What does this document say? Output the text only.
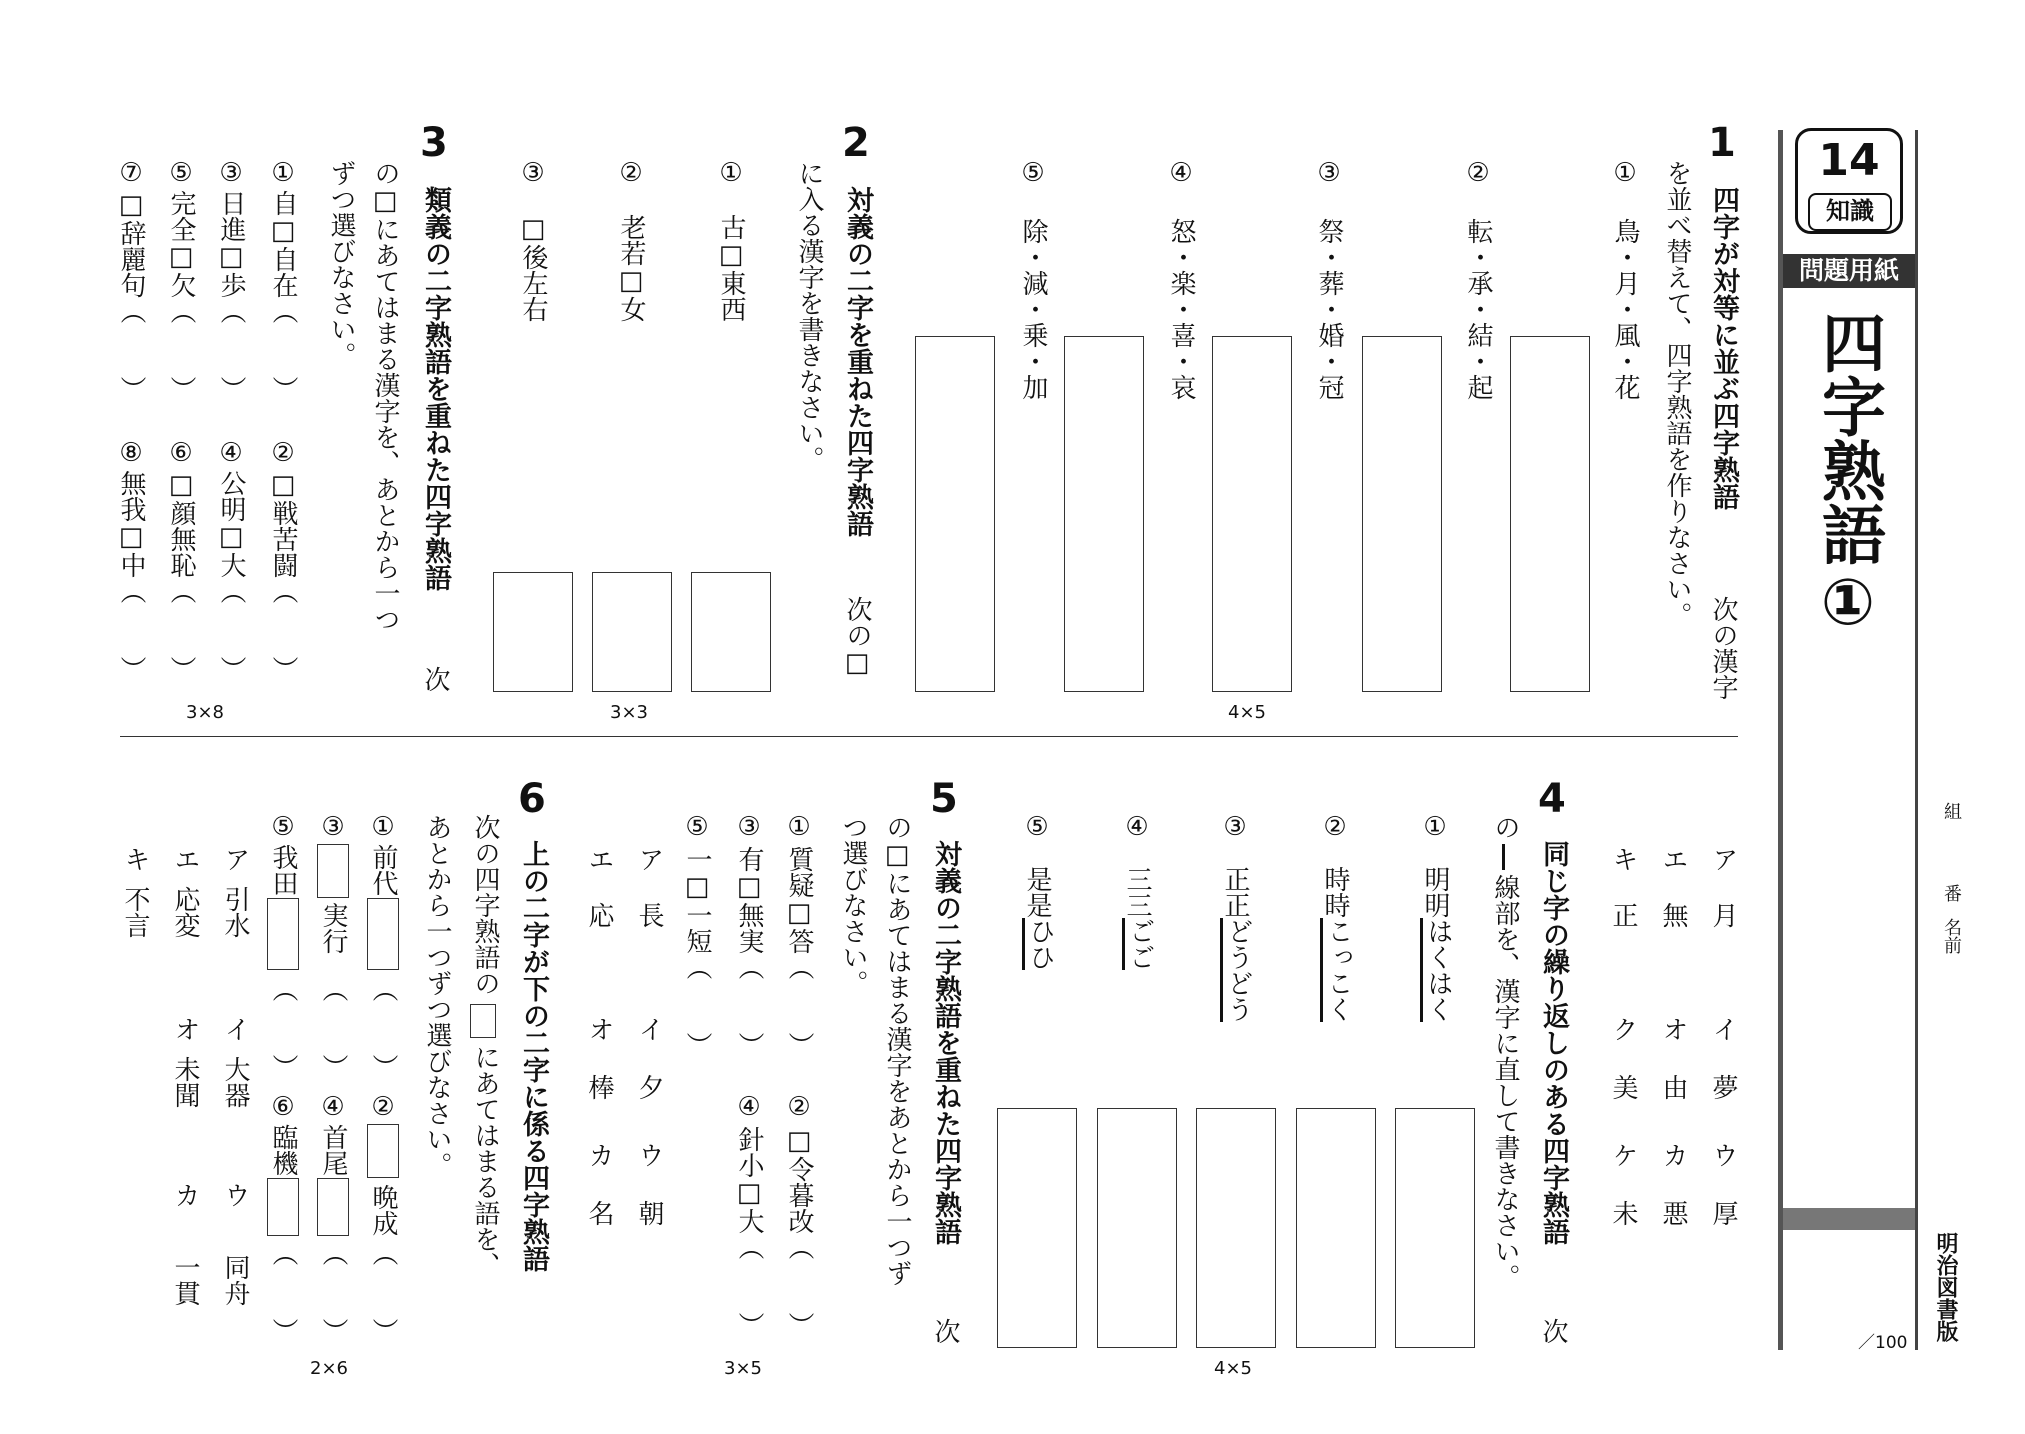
14
知識
問題用紙
四字熟語①
組
番
名前
明治図書版
／100
1
四字が対等に並ぶ四字熟語
次の漢字
を並べ替えて、四字熟語を作りなさい。
①
鳥・月・風・花
②
転・承・結・起
③
祭・葬・婚・冠
④
怒・楽・喜・哀
⑤
除・減・乗・加
4×5
2
対義の二字を重ねた四字熟語
次の□
に入る漢字を書きなさい。
①
古□東西
②
老若□女
③
□後左右
3×3
3
類義の二字熟語を重ねた四字熟語
次
の□にあてはまる漢字を、あとから一つ
ずつ選びなさい。
①
自□自在（　　）
②
□戦苦闘（　　）
③
日進□歩（　　）
④
公明□大（　　）
⑤
完全□欠（　　）
⑥
□顔無恥（　　）
⑦
□辞麗句（　　）
⑧
無我□中（　　）
3×8
4
同じ字の繰り返しのある四字熟語
次
の
線部を、漢字に直して書きなさい。
①
明明
はくはく
②
時時
こっこく
③
正正
どうどう
④
三三
ごご
⑤
是是
ひひ
4×5
ア
月
イ
夢
ウ
厚
エ
無
オ
由
カ
悪
キ
正
ク
美
ケ
未
5
対義の二字熟語を重ねた四字熟語
次
の□にあてはまる漢字をあとから一つず
つ選びなさい。
①
質疑□答（　　）
②
□令暮改（　　）
③
有□無実（　　）
④
針小□大（　　）
⑤
一□一短（　　）
ア
長
イ
夕
ウ
朝
エ
応
オ
棒
カ
名
3×5
6
上の二字が下の二字に係る四字熟語
次の四字熟語の
にあてはまる語を、
あとから一つずつ選びなさい。
①
前代
（　　）
②
晩成
（　　）
③
実行
（　　）
④
首尾
（　　）
⑤
我田
（　　）
⑥
臨機
（　　）
ア
引水
イ
大器
ウ
同舟
エ
応変
オ
未聞
カ
一貫
キ
不言
2×6
